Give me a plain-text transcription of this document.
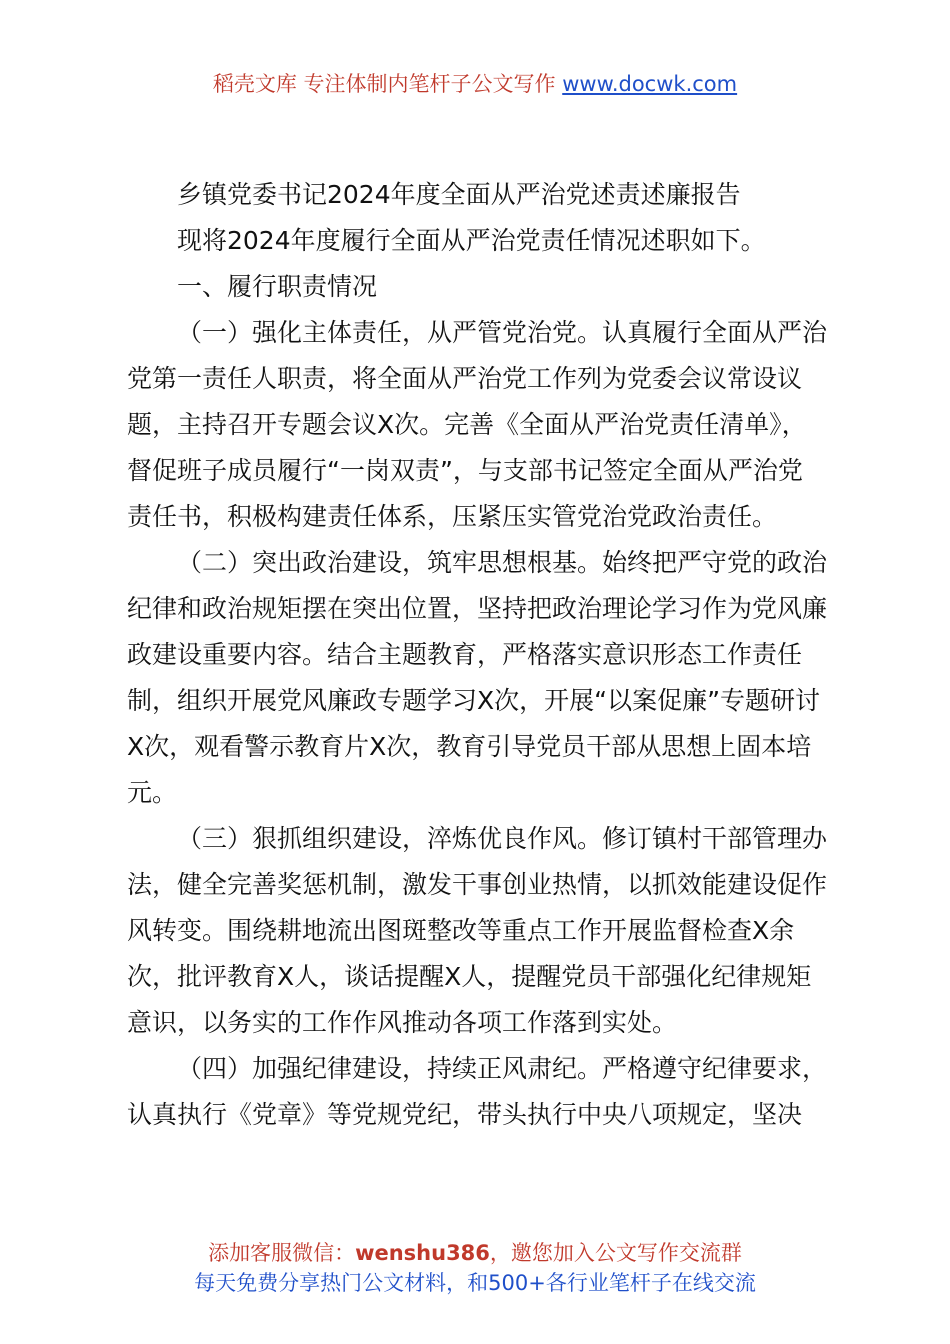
稻壳文库 专注体制内笔杆子公文写作 www.docwk.com

乡镇党委书记2024年度全面从严治党述责述廉报告

现将2024年度履行全面从严治党责任情况述职如下。

一、履行职责情况

（一）强化主体责任，从严管党治党。认真履行全面从严治党第一责任人职责，将全面从严治党工作列为党委会议常设议题，主持召开专题会议X次。完善《全面从严治党责任清单》，督促班子成员履行“一岗双责”，与支部书记签定全面从严治党责任书，积极构建责任体系，压紧压实管党治党政治责任。

（二）突出政治建设，筑牢思想根基。始终把严守党的政治纪律和政治规矩摆在突出位置，坚持把政治理论学习作为党风廉政建设重要内容。结合主题教育，严格落实意识形态工作责任制，组织开展党风廉政专题学习X次，开展“以案促廉”专题研讨X次，观看警示教育片X次，教育引导党员干部从思想上固本培元。

（三）狠抓组织建设，淬炼优良作风。修订镇村干部管理办法，健全完善奖惩机制，激发干事创业热情，以抓效能建设促作风转变。围绕耕地流出图斑整改等重点工作开展监督检查X余次，批评教育X人，谈话提醒X人，提醒党员干部强化纪律规矩意识，以务实的工作作风推动各项工作落到实处。

（四）加强纪律建设，持续正风肃纪。严格遵守纪律要求，认真执行《党章》等党规党纪，带头执行中央八项规定，坚决

添加客服微信：wenshu386，邀您加入公文写作交流群
每天免费分享热门公文材料，和500+各行业笔杆子在线交流
